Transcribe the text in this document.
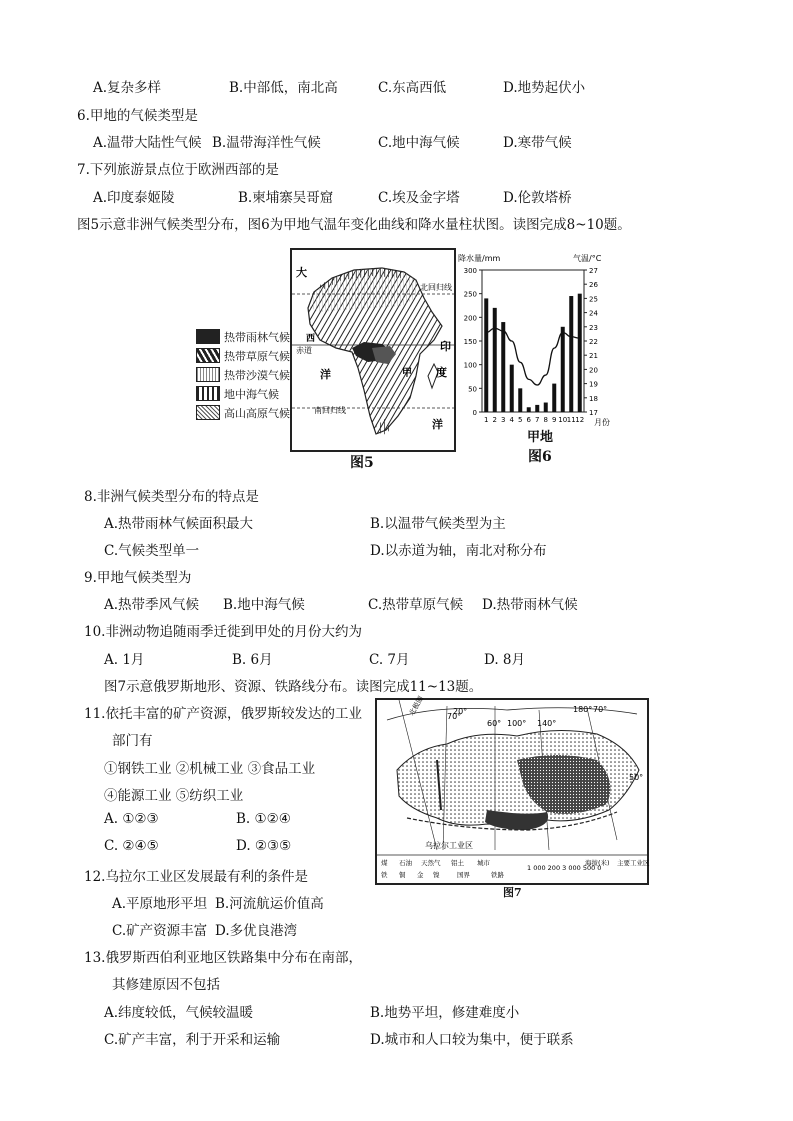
A.复杂多样	B.中部低，南北高	C.东高西低	D.地势起伏小
6.甲地的气候类型是
A.温带大陆性气候 B.温带海洋性气候	C.地中海气候	D.寒带气候
7.下列旅游景点位于欧洲西部的是
A.印度泰姬陵	B.柬埔寨吴哥窟	C.埃及金字塔	D.伦敦塔桥
图5示意非洲气候类型分布，图6为甲地气温年变化曲线和降水量柱状图。读图完成8~10题。
热带雨林气候
热带草原气候
热带沙漠气候
地中海气候
高山高原气候
大
北回归线
西
赤道
洋	甲
印
度
洋
南回归线
图5
降水量/mm	气温/°C
0
50
100
150
200
250
300
17
18
19
20
21
22
23
24
25
26
27
1 2 3 4 5 6 7 8 9 10 11 12 月份
甲地
图6
8.非洲气候类型分布的特点是
A.热带雨林气候面积最大	B.以温带气候类型为主
C.气候类型单一	D.以赤道为轴，南北对称分布
9.甲地气候类型为
A.热带季风气候 B.地中海气候	C.热带草原气候 D.热带雨林气候
10.非洲动物追随雨季迁徙到甲处的月份大约为
A. 1月	B. 6月	C. 7月	D. 8月
图7示意俄罗斯地形、资源、铁路线分布。读图完成11~13题。
11.依托丰富的矿产资源，俄罗斯较发达的工业
部门有
①钢铁工业 ②机械工业 ③食品工业
④能源工业 ⑤纺织工业
A. ①②③	B. ①②④
C. ②④⑤	D. ②③⑤
70°
20°
60° 100° 140°
180° 70°
50°
北极圈
乌拉尔工业区
煤 石油 天然气 铝土 城市
铁 铜 金 镍	国界	铁路
1 000 200 3 000 500 0
海拔(米) 主要工业区
图7
12.乌拉尔工业区发展最有利的条件是
A.平原地形平坦 B.河流航运价值高
C.矿产资源丰富 D.多优良港湾
13.俄罗斯西伯利亚地区铁路集中分布在南部，
其修建原因不包括
A.纬度较低，气候较温暖	B.地势平坦，修建难度小
C.矿产丰富，利于开采和运输	D.城市和人口较为集中，便于联系
